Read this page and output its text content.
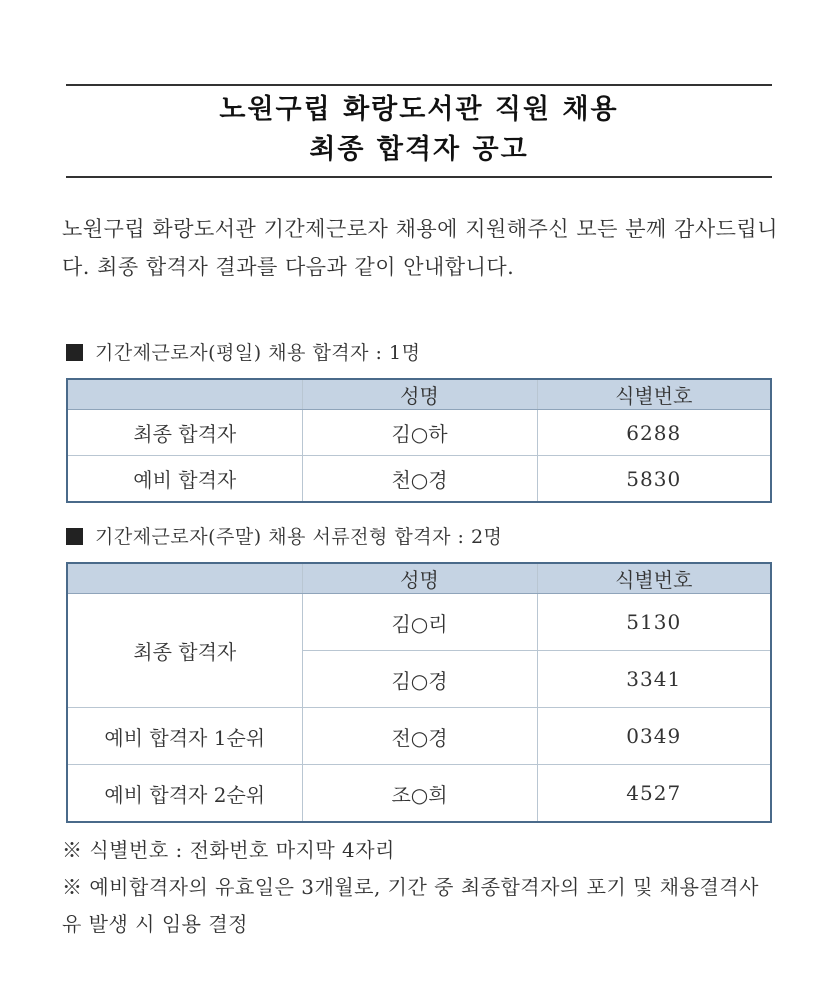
노원구립 화랑도서관 직원 채용
최종 합격자 공고
노원구립 화랑도서관 기간제근로자 채용에 지원해주신 모든 분께 감사드립니다. 최종 합격자 결과를 다음과 같이 안내합니다.
기간제근로자(평일) 채용 합격자 : 1명
	성명	식별번호
최종 합격자	김○하	6288
예비 합격자	천○경	5830
기간제근로자(주말) 채용 서류전형 합격자 : 2명
	성명	식별번호
최종 합격자	김○리	5130
	김○경	3341
예비 합격자 1순위	전○경	0349
예비 합격자 2순위	조○희	4527
※ 식별번호 : 전화번호 마지막 4자리
※ 예비합격자의 유효일은 3개월로, 기간 중 최종합격자의 포기 및 채용결격사유 발생 시 임용 결정
